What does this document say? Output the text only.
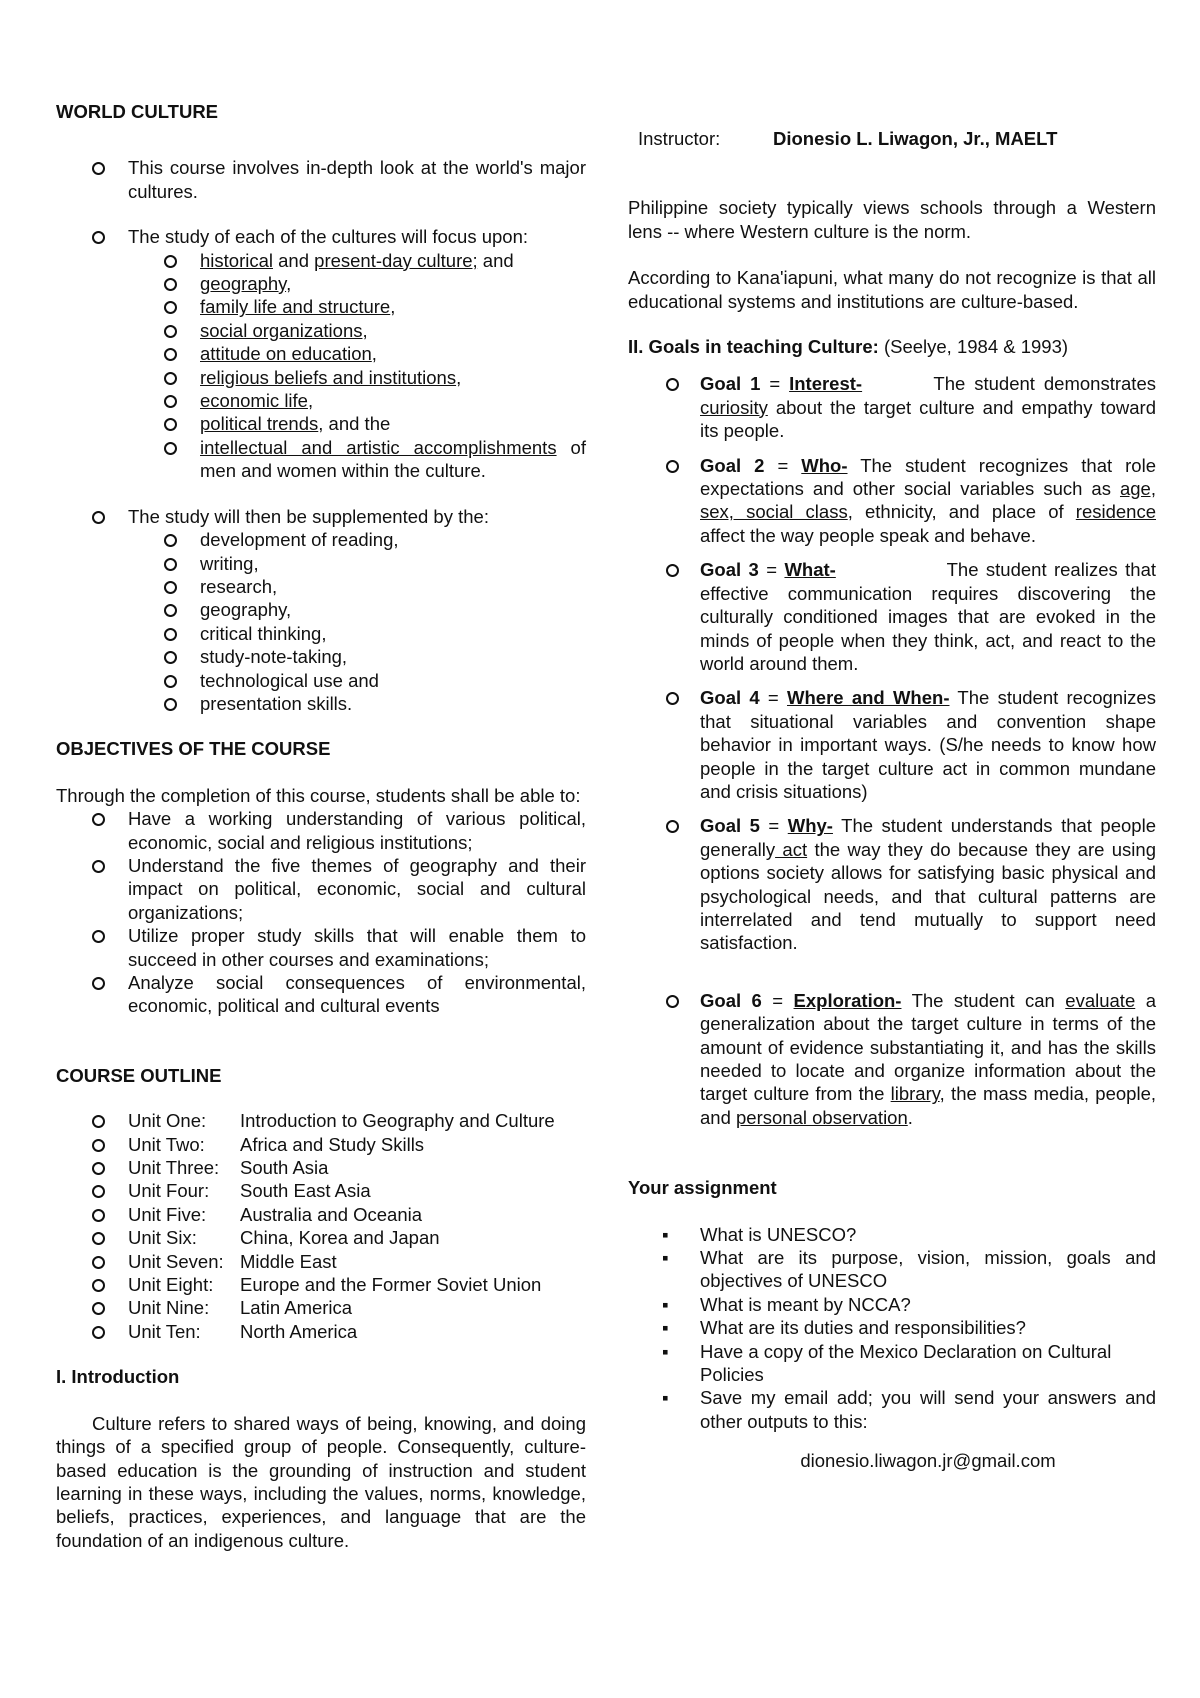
WORLD CULTURE
This course involves in-depth look at the world's major cultures.
The study of each of the cultures will focus upon:
historical and present-day culture; and
geography,
family life and structure,
social organizations,
attitude on education,
religious beliefs and institutions,
economic life,
political trends, and the
intellectual and artistic accomplishments of men and women within the culture.
The study will then be supplemented by the:
development of reading,
writing,
research,
geography,
critical thinking,
study-note-taking,
technological use and
presentation skills.
OBJECTIVES OF THE COURSE

Through the completion of this course, students shall be able to:

Have a working understanding of various political, economic, social and religious institutions;
Understand the five themes of geography and their impact on political, economic, social and cultural organizations;
Utilize proper study skills that will enable them to succeed in other courses and examinations;
Analyze social consequences of environmental, economic, political and cultural events
COURSE OUTLINE
Unit One: Introduction to Geography and Culture
Unit Two: Africa and Study Skills
Unit Three: South Asia
Unit Four: South East Asia
Unit Five: Australia and Oceania
Unit Six: China, Korea and Japan
Unit Seven: Middle East
Unit Eight: Europe and the Former Soviet Union
Unit Nine: Latin America
Unit Ten: North America
I. Introduction

Culture refers to shared ways of being, knowing, and doing things of a specified group of people. Consequently, culture-based education is the grounding of instruction and student learning in these ways, including the values, norms, knowledge, beliefs, practices, experiences, and language that are the foundation of an indigenous culture.

Instructor:	Dionesio L. Liwagon, Jr., MAELT

Philippine society typically views schools through a Western lens -- where Western culture is the norm.

According to Kana'iapuni, what many do not recognize is that all educational systems and institutions are culture-based.

II. Goals in teaching Culture: (Seelye, 1984 & 1993)
Goal 1 = Interest-	The student demonstrates curiosity about the target culture and empathy toward its people.
Goal 2 = Who- The student recognizes that role expectations and other social variables such as age, sex, social class, ethnicity, and place of residence affect the way people speak and behave.
Goal 3 = What-	The student realizes that effective communication requires discovering the culturally conditioned images that are evoked in the minds of people when they think, act, and react to the world around them.
Goal 4 = Where and When- The student recognizes that situational variables and convention shape behavior in important ways. (S/he needs to know how people in the target culture act in common mundane and crisis situations)
Goal 5 = Why- The student understands that people generally act the way they do because they are using options society allows for satisfying basic physical and psychological needs, and that cultural patterns are interrelated and tend mutually to support need satisfaction.
Goal 6 = Exploration- The student can evaluate a generalization about the target culture in terms of the amount of evidence substantiating it, and has the skills needed to locate and organize information about the target culture from the library, the mass media, people, and personal observation.
Your assignment
▪ What is UNESCO?
▪ What are its purpose, vision, mission, goals and objectives of UNESCO
▪ What is meant by NCCA?
▪ What are its duties and responsibilities?
▪ Have a copy of the Mexico Declaration on Cultural Policies
▪ Save my email add; you will send your answers and other outputs to this:
dionesio.liwagon.jr@gmail.com
